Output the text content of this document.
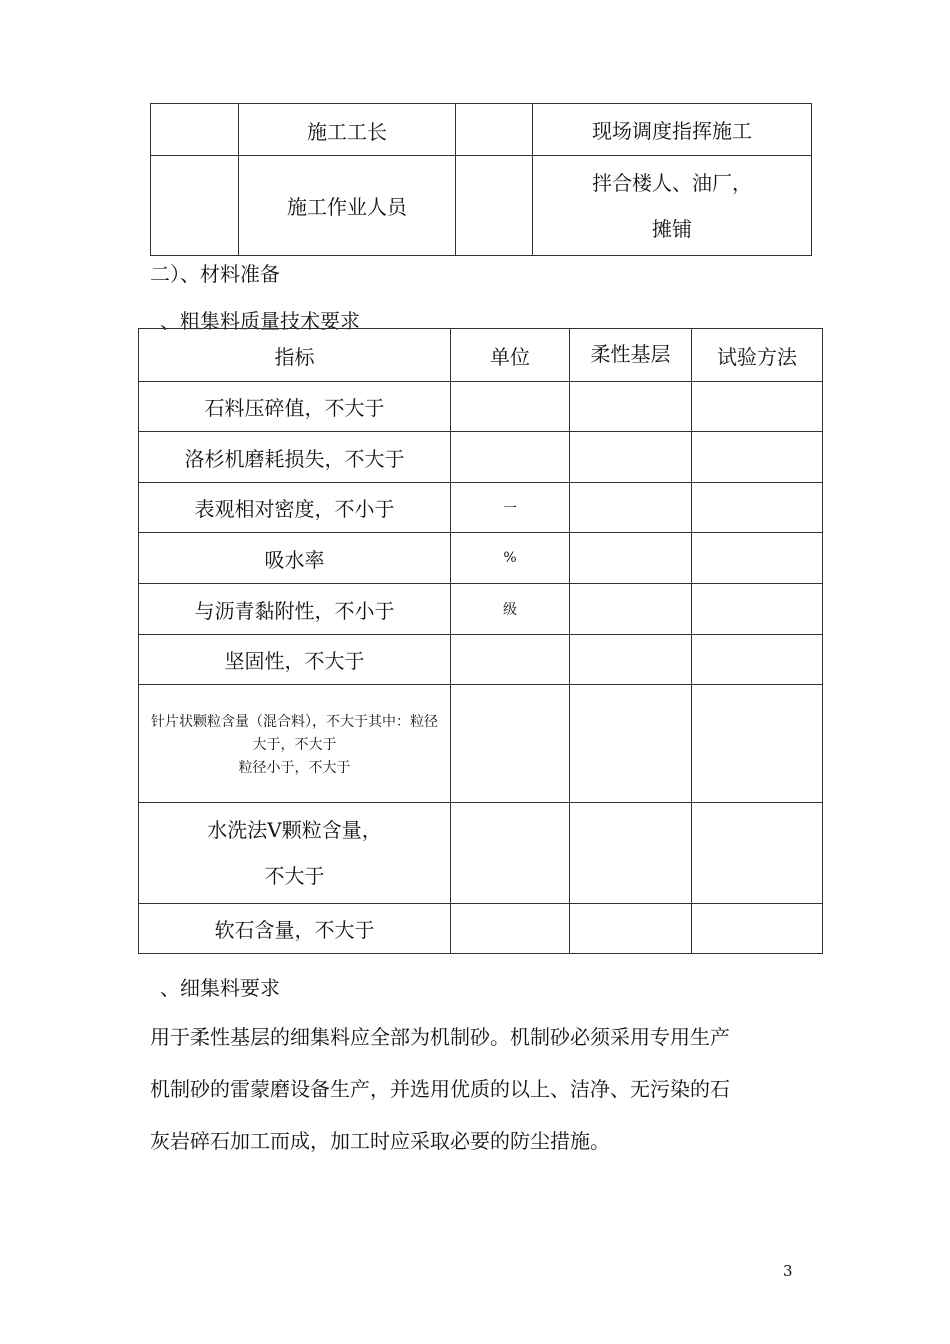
	施工工长		现场调度指挥施工
	施工作业人员		拌合楼人、油厂，
摊铺
二）、材料准备
、粗集料质量技术要求
指标	单位	柔性基层	试验方法
石料压碎值，不大于			
洛杉机磨耗损失，不大于			
表观相对密度，不小于	一		
吸水率	%		
与沥青黏附性，不小于	级		
坚固性，不大于			

针片状颗粒含量（混合料），不大于其中：粒径大于，不大于
粒径小于，不大于			

水洗法Ⅴ颗粒含量，
不大于			

软石含量，不大于			
、细集料要求
用于柔性基层的细集料应全部为机制砂。机制砂必须采用专用生产
机制砂的雷蒙磨设备生产，并选用优质的以上、洁净、无污染的石
灰岩碎石加工而成，加工时应采取必要的防尘措施。
3
